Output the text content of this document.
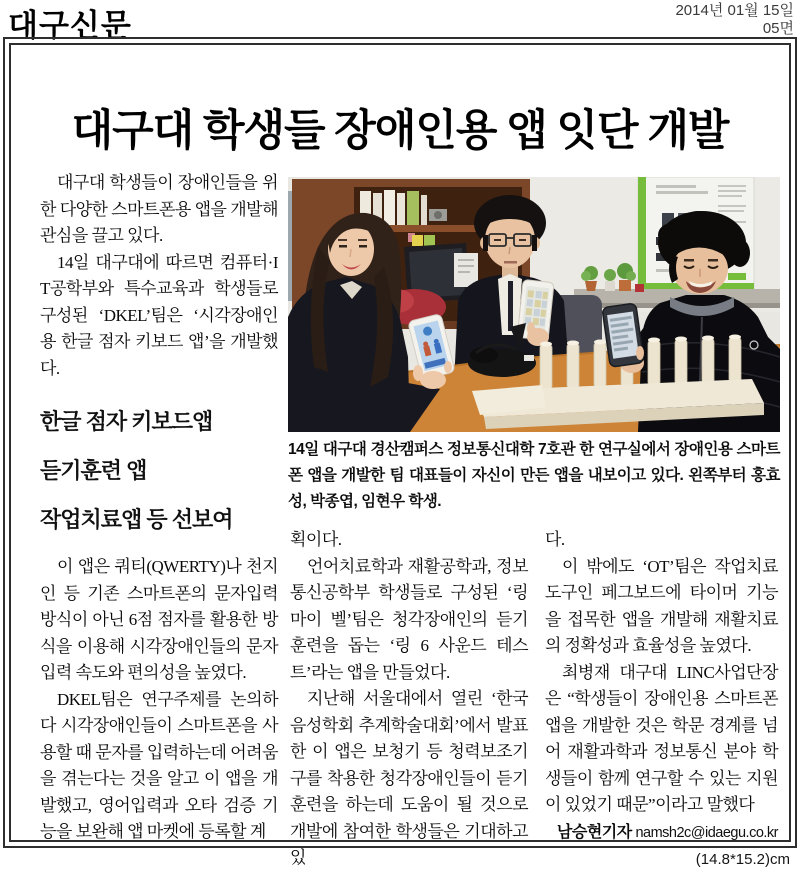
대구신문	2014년 01월 15일
05면
대구대 학생들 장애인용 앱 잇단 개발

대구대 학생들이 장애인들을 위한 다양한 스마트폰용 앱을 개발해 관심을 끌고 있다.

14일 대구대에 따르면 컴퓨터·IT공학부와 특수교육과 학생들로 구성된 ‘DKEL’팀은 ‘시각장애인용 한글 점자 키보드 앱’을 개발했다.

한글 점자 키보드앱
듣기훈련 앱
작업치료앱 등 선보여

이 앱은 쿼티(QWERTY)나 천지인 등 기존 스마트폰의 문자입력 방식이 아닌 6점 점자를 활용한 방식을 이용해 시각장애인들의 문자 입력 속도와 편의성을 높였다.

DKEL팀은 연구주제를 논의하다 시각장애인들이 스마트폰을 사용할 때 문자를 입력하는데 어려움을 겪는다는 것을 알고 이 앱을 개발했고, 영어입력과 오타 검증 기능을 보완해 앱 마켓에 등록할 계

14일 대구대 경산캠퍼스 정보통신대학 7호관 한 연구실에서 장애인용 스마트폰 앱을 개발한 팀 대표들이 자신이 만든 앱을 내보이고 있다. 왼쪽부터 홍효성, 박종엽, 임현우 학생.

획이다.

언어치료학과 재활공학과, 정보통신공학부 학생들로 구성된 ‘링 마이 벨’팀은 청각장애인의 듣기 훈련을 돕는 ‘링 6 사운드 테스트’라는 앱을 만들었다.

지난해 서울대에서 열린 ‘한국음성학회 추계학술대회’에서 발표한 이 앱은 보청기 등 청력보조기구를 착용한 청각장애인들이 듣기 훈련을 하는데 도움이 될 것으로 개발에 참여한 학생들은 기대하고 있

다.

이 밖에도 ‘OT’팀은 작업치료 도구인 페그보드에 타이머 기능을 접목한 앱을 개발해 재활치료의 정확성과 효율성을 높였다.

최병재 대구대 LINC사업단장은 “학생들이 장애인용 스마트폰 앱을 개발한 것은 학문 경계를 넘어 재활과학과 정보통신 분야 학생들이 함께 연구할 수 있는 지원이 있었기 때문”이라고 말했다

남승현기자 namsh2c@idaegu.co.kr

(14.8*15.2)cm
